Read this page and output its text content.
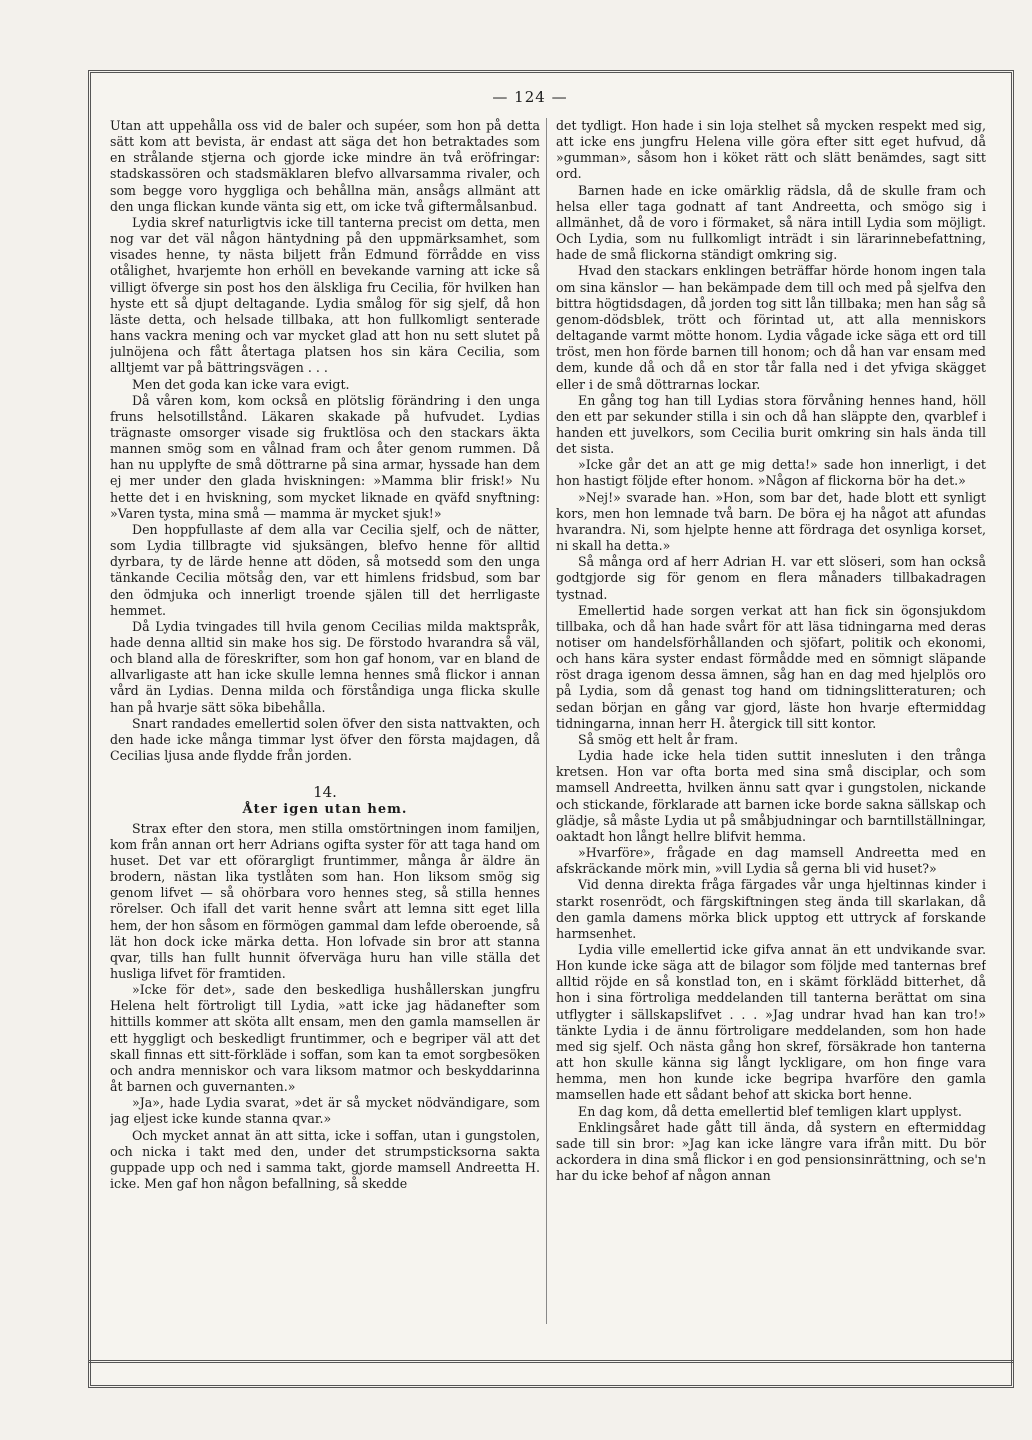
— 124 —

Utan att uppehålla oss vid de baler och supéer, som hon på detta sätt kom att bevista, är endast att säga det hon betraktades som en strålande stjerna och gjorde icke mindre än två eröfringar: stadskassören och stadsmäklaren blefvo allvarsamma rivaler, och som begge voro hyggliga och behållna män, ansågs allmänt att den unga flickan kunde vänta sig ett, om icke två giftermålsanbud.

Lydia skref naturligtvis icke till tanterna precist om detta, men nog var det väl någon häntydning på den uppmärksamhet, som visades henne, ty nästa biljett från Edmund förrådde en viss otålighet, hvarjemte hon erhöll en bevekande varning att icke så villigt öfverge sin post hos den älskliga fru Cecilia, för hvilken han hyste ett så djupt deltagande. Lydia smålog för sig sjelf, då hon läste detta, och helsade tillbaka, att hon fullkomligt senterade hans vackra mening och var mycket glad att hon nu sett slutet på julnöjena och fått återtaga platsen hos sin kära Cecilia, som alltjemt var på bättringsvägen . . .

Men det goda kan icke vara evigt.

Då våren kom, kom också en plötslig förändring i den unga fruns helsotillstånd. Läkaren skakade på hufvudet. Lydias trägnaste omsorger visade sig fruktlösa och den stackars äkta mannen smög som en vålnad fram och åter genom rummen. Då han nu upplyfte de små döttrarne på sina armar, hyssade han dem ej mer under den glada hviskningen: »Mamma blir frisk!» Nu hette det i en hviskning, som mycket liknade en qväfd snyftning: »Varen tysta, mina små — mamma är mycket sjuk!»

Den hoppfullaste af dem alla var Cecilia sjelf, och de nätter, som Lydia tillbragte vid sjuksängen, blefvo henne för alltid dyrbara, ty de lärde henne att döden, så motsedd som den unga tänkande Cecilia mötsåg den, var ett himlens fridsbud, som bar den ödmjuka och innerligt troende själen till det herrligaste hemmet.

Då Lydia tvingades till hvila genom Cecilias milda maktspråk, hade denna alltid sin make hos sig. De förstodo hvarandra så väl, och bland alla de föreskrifter, som hon gaf honom, var en bland de allvarligaste att han icke skulle lemna hennes små flickor i annan vård än Lydias. Denna milda och förståndiga unga flicka skulle han på hvarje sätt söka bibehålla.

Snart randades emellertid solen öfver den sista nattvakten, och den hade icke många timmar lyst öfver den första majdagen, då Cecilias ljusa ande flydde från jorden.

14.
Åter igen utan hem.

Strax efter den stora, men stilla omstörtningen inom familjen, kom från annan ort herr Adrians ogifta syster för att taga hand om huset. Det var ett oförargligt fruntimmer, många år äldre än brodern, nästan lika tystlåten som han. Hon liksom smög sig genom lifvet — så ohörbara voro hennes steg, så stilla hennes rörelser. Och ifall det varit henne svårt att lemna sitt eget lilla hem, der hon såsom en förmögen gammal dam lefde oberoende, så lät hon dock icke märka detta. Hon lofvade sin bror att stanna qvar, tills han fullt hunnit öfverväga huru han ville ställa det husliga lifvet för framtiden.

»Icke för det», sade den beskedliga hushållerskan jungfru Helena helt förtroligt till Lydia, »att icke jag hädanefter som hittills kommer att sköta allt ensam, men den gamla mamsellen är ett hyggligt och beskedligt fruntimmer, och e begriper väl att det skall finnas ett sitt-förkläde i soffan, som kan ta emot sorgbesöken och andra menniskor och vara liksom matmor och beskyddarinna åt barnen och guvernanten.»

»Ja», hade Lydia svarat, »det är så mycket nödvändigare, som jag eljest icke kunde stanna qvar.»

Och mycket annat än att sitta, icke i soffan, utan i gungstolen, och nicka i takt med den, under det strumpsticksorna sakta guppade upp och ned i samma takt, gjorde mamsell Andreetta H. icke. Men gaf hon någon befallning, så skedde

det tydligt. Hon hade i sin loja stelhet så mycken respekt med sig, att icke ens jungfru Helena ville göra efter sitt eget hufvud, då »gumman», såsom hon i köket rätt och slätt benämdes, sagt sitt ord.

Barnen hade en icke omärklig rädsla, då de skulle fram och helsa eller taga godnatt af tant Andreetta, och smögo sig i allmänhet, då de voro i förmaket, så nära intill Lydia som möjligt. Och Lydia, som nu fullkomligt inträdt i sin lärarinnebefattning, hade de små flickorna ständigt omkring sig.

Hvad den stackars enklingen beträffar hörde honom ingen tala om sina känslor — han bekämpade dem till och med på sjelfva den bittra högtidsdagen, då jorden tog sitt lån tillbaka; men han såg så genom-dödsblek, trött och förintad ut, att alla menniskors deltagande varmt mötte honom. Lydia vågade icke säga ett ord till tröst, men hon förde barnen till honom; och då han var ensam med dem, kunde då och då en stor tår falla ned i det yfviga skägget eller i de små döttrarnas lockar.

En gång tog han till Lydias stora förvåning hennes hand, höll den ett par sekunder stilla i sin och då han släppte den, qvarblef i handen ett juvelkors, som Cecilia burit omkring sin hals ända till det sista.

»Icke går det an att ge mig detta!» sade hon innerligt, i det hon hastigt följde efter honom. »Någon af flickorna bör ha det.»

»Nej!» svarade han. »Hon, som bar det, hade blott ett synligt kors, men hon lemnade två barn. De böra ej ha något att afundas hvarandra. Ni, som hjelpte henne att fördraga det osynliga korset, ni skall ha detta.»

Så många ord af herr Adrian H. var ett slöseri, som han också godtgjorde sig för genom en flera månaders tillbakadragen tystnad.

Emellertid hade sorgen verkat att han fick sin ögonsjukdom tillbaka, och då han hade svårt för att läsa tidningarna med deras notiser om handelsförhållanden och sjöfart, politik och ekonomi, och hans kära syster endast förmådde med en sömnigt släpande röst draga igenom dessa ämnen, såg han en dag med hjelplös oro på Lydia, som då genast tog hand om tidningslitteraturen; och sedan början en gång var gjord, läste hon hvarje eftermiddag tidningarna, innan herr H. återgick till sitt kontor.

Så smög ett helt år fram.

Lydia hade icke hela tiden suttit innesluten i den trånga kretsen. Hon var ofta borta med sina små disciplar, och som mamsell Andreetta, hvilken ännu satt qvar i gungstolen, nickande och stickande, förklarade att barnen icke borde sakna sällskap och glädje, så måste Lydia ut på småbjudningar och barntillställningar, oaktadt hon långt hellre blifvit hemma.

»Hvarföre», frågade en dag mamsell Andreetta med en afskräckande mörk min, »vill Lydia så gerna bli vid huset?»

Vid denna direkta fråga färgades vår unga hjeltinnas kinder i starkt rosenrödt, och färgskiftningen steg ända till skarlakan, då den gamla damens mörka blick upptog ett uttryck af forskande harmsenhet.

Lydia ville emellertid icke gifva annat än ett undvikande svar. Hon kunde icke säga att de bilagor som följde med tanternas bref alltid röjde en så konstlad ton, en i skämt förklädd bitterhet, då hon i sina förtroliga meddelanden till tanterna berättat om sina utflygter i sällskapslifvet . . . »Jag undrar hvad han kan tro!» tänkte Lydia i de ännu förtroligare meddelanden, som hon hade med sig sjelf. Och nästa gång hon skref, försäkrade hon tanterna att hon skulle känna sig långt lyckligare, om hon finge vara hemma, men hon kunde icke begripa hvarföre den gamla mamsellen hade ett sådant behof att skicka bort henne.

En dag kom, då detta emellertid blef temligen klart upplyst.

Enklingsåret hade gått till ända, då systern en eftermiddag sade till sin bror: »Jag kan icke längre vara ifrån mitt. Du bör ackordera in dina små flickor i en god pensionsinrättning, och se'n har du icke behof af någon annan
